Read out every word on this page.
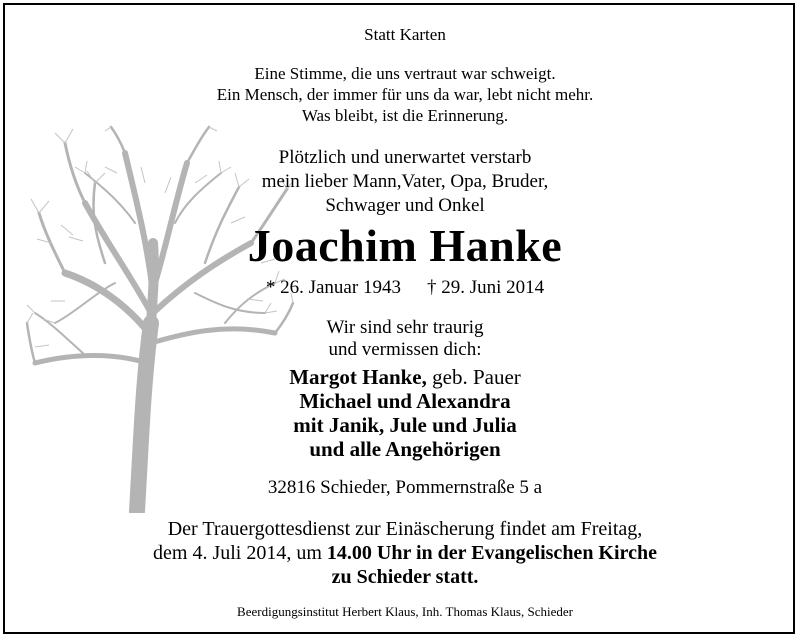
Statt Karten
Eine Stimme, die uns vertraut war schweigt.
Ein Mensch, der immer für uns da war, lebt nicht mehr.
Was bleibt, ist die Erinnerung.
Plötzlich und unerwartet verstarb
mein lieber Mann,Vater, Opa, Bruder,
Schwager und Onkel
Joachim Hanke
* 26. Januar 1943 † 29. Juni 2014
Wir sind sehr traurig
und vermissen dich:
Margot Hanke, geb. Pauer
Michael und Alexandra
mit Janik, Jule und Julia
und alle Angehörigen
32816 Schieder, Pommernstraße 5 a
Der Trauergottesdienst zur Einäscherung findet am Freitag,
dem 4. Juli 2014, um 14.00 Uhr in der Evangelischen Kirche
zu Schieder statt.
Beerdigungsinstitut Herbert Klaus, Inh. Thomas Klaus, Schieder
